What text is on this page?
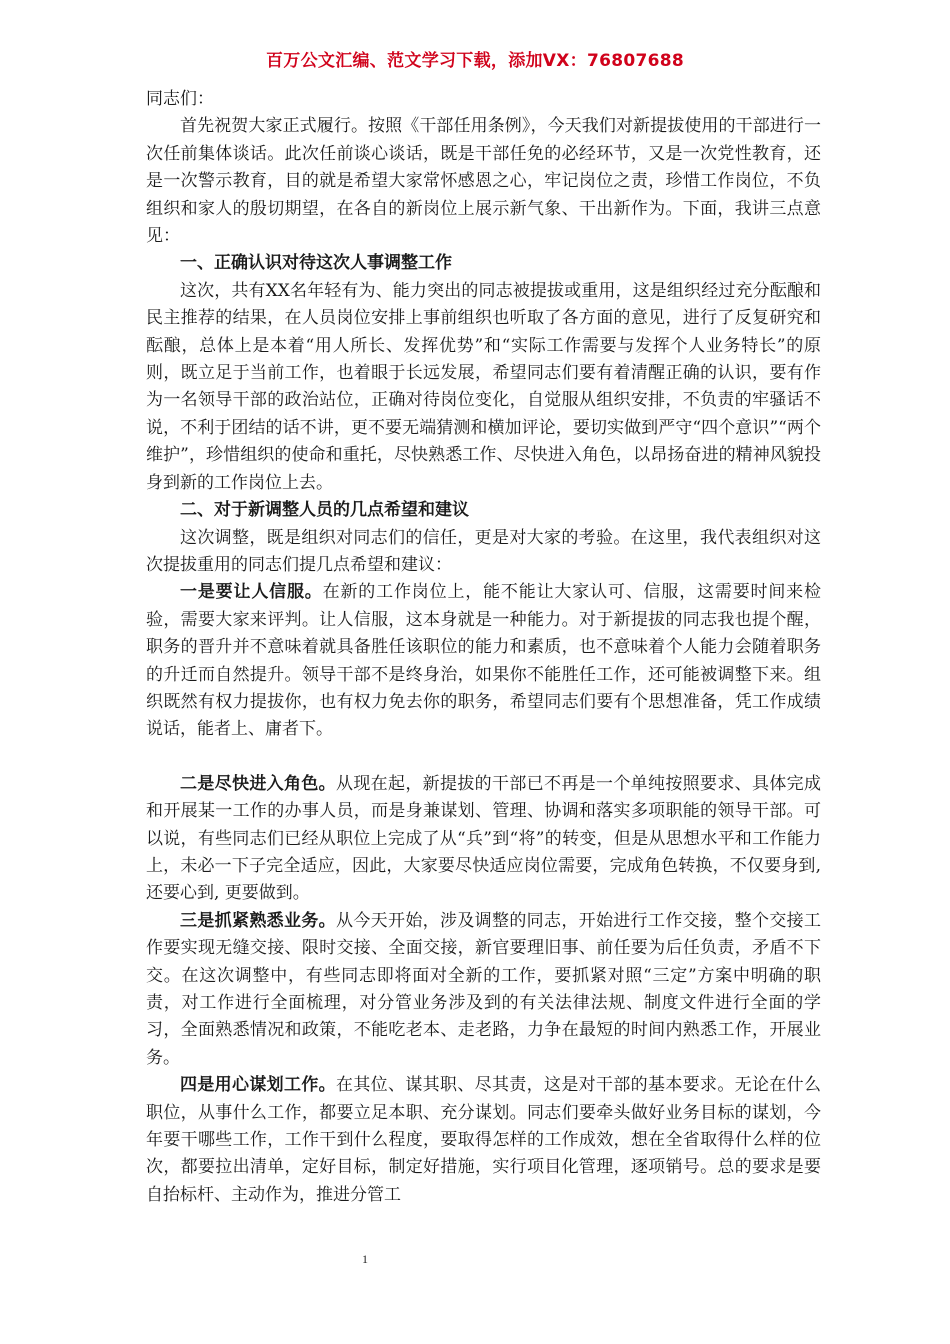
百万公文汇编、范文学习下载，添加VX：76807688

同志们：

首先祝贺大家正式履行。按照《干部任用条例》，今天我们对新提拔使用的干部进行一次任前集体谈话。此次任前谈心谈话，既是干部任免的必经环节，又是一次党性教育，还是一次警示教育，目的就是希望大家常怀感恩之心，牢记岗位之责，珍惜工作岗位，不负组织和家人的殷切期望，在各自的新岗位上展示新气象、干出新作为。下面，我讲三点意见：

一、正确认识对待这次人事调整工作

这次，共有XX名年轻有为、能力突出的同志被提拔或重用，这是组织经过充分酝酿和民主推荐的结果，在人员岗位安排上事前组织也听取了各方面的意见，进行了反复研究和酝酿，总体上是本着“用人所长、发挥优势”和“实际工作需要与发挥个人业务特长”的原则，既立足于当前工作，也着眼于长远发展，希望同志们要有着清醒正确的认识，要有作为一名领导干部的政治站位，正确对待岗位变化，自觉服从组织安排，不负责的牢骚话不说，不利于团结的话不讲，更不要无端猜测和横加评论，要切实做到严守“四个意识”“两个维护”，珍惜组织的使命和重托，尽快熟悉工作、尽快进入角色，以昂扬奋进的精神风貌投身到新的工作岗位上去。

二、对于新调整人员的几点希望和建议

这次调整，既是组织对同志们的信任，更是对大家的考验。在这里，我代表组织对这次提拔重用的同志们提几点希望和建议：

一是要让人信服。在新的工作岗位上，能不能让大家认可、信服，这需要时间来检验，需要大家来评判。让人信服，这本身就是一种能力。对于新提拔的同志我也提个醒，职务的晋升并不意味着就具备胜任该职位的能力和素质，也不意味着个人能力会随着职务的升迁而自然提升。领导干部不是终身治，如果你不能胜任工作，还可能被调整下来。组织既然有权力提拔你，也有权力免去你的职务，希望同志们要有个思想准备，凭工作成绩说话，能者上、庸者下。

二是尽快进入角色。从现在起，新提拔的干部已不再是一个单纯按照要求、具体完成和开展某一工作的办事人员，而是身兼谋划、管理、协调和落实多项职能的领导干部。可以说，有些同志们已经从职位上完成了从“兵”到“将”的转变，但是从思想水平和工作能力上，未必一下子完全适应，因此，大家要尽快适应岗位需要，完成角色转换，不仅要身到, 还要心到, 更要做到。

三是抓紧熟悉业务。从今天开始，涉及调整的同志，开始进行工作交接，整个交接工作要实现无缝交接、限时交接、全面交接，新官要理旧事、前任要为后任负责，矛盾不下交。在这次调整中，有些同志即将面对全新的工作，要抓紧对照“三定”方案中明确的职责，对工作进行全面梳理，对分管业务涉及到的有关法律法规、制度文件进行全面的学习，全面熟悉情况和政策，不能吃老本、走老路，力争在最短的时间内熟悉工作，开展业务。

四是用心谋划工作。在其位、谋其职、尽其责，这是对干部的基本要求。无论在什么职位，从事什么工作，都要立足本职、充分谋划。同志们要牵头做好业务目标的谋划，今年要干哪些工作，工作干到什么程度，要取得怎样的工作成效，想在全省取得什么样的位次，都要拉出清单，定好目标，制定好措施，实行项目化管理，逐项销号。总的要求是要自抬标杆、主动作为，推进分管工

1
